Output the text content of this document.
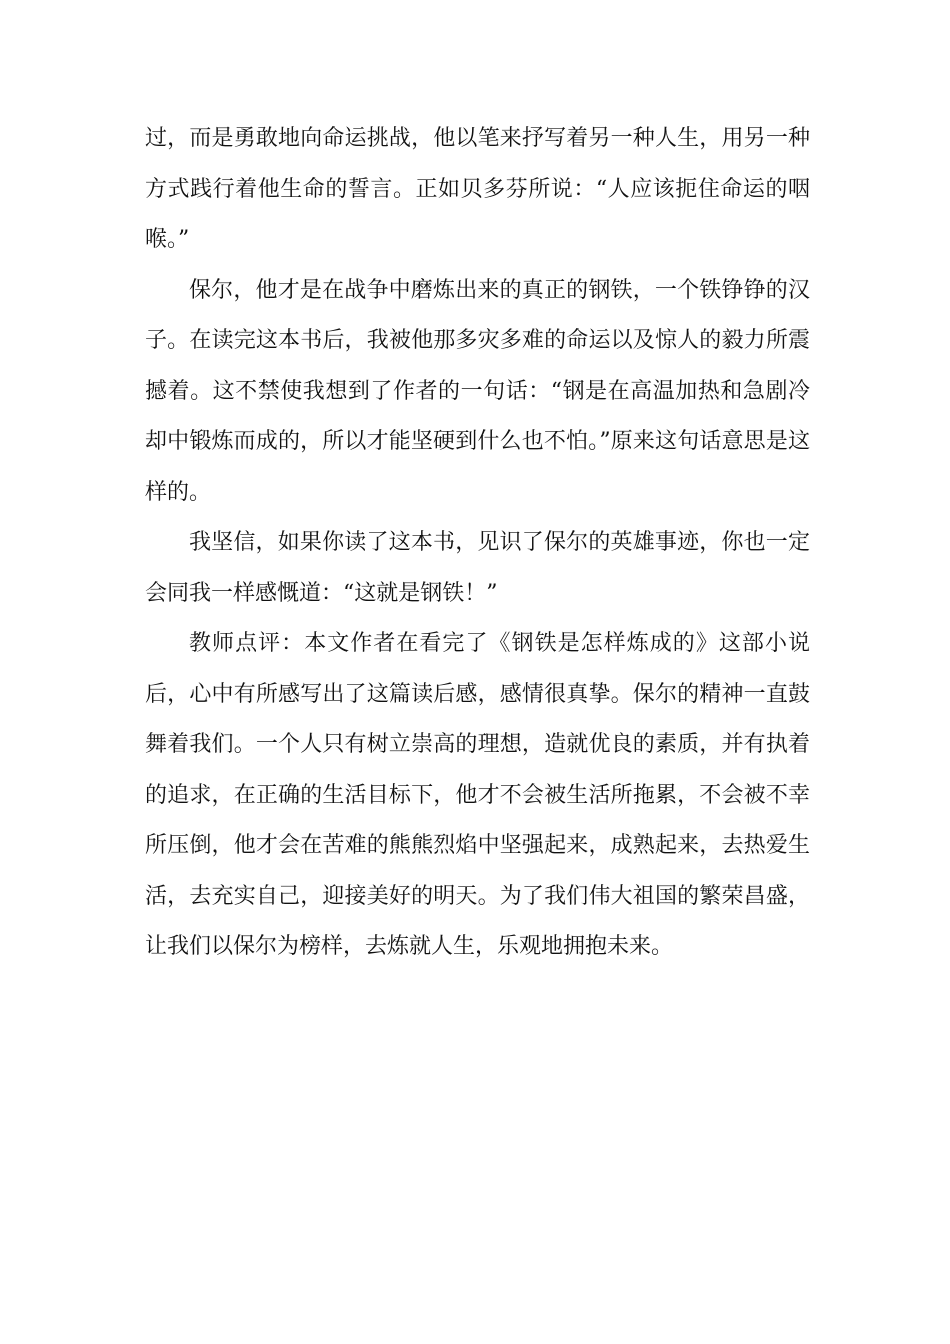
过，而是勇敢地向命运挑战，他以笔来抒写着另一种人生，用另一种方式践行着他生命的誓言。正如贝多芬所说：“人应该扼住命运的咽喉。”

保尔，他才是在战争中磨炼出来的真正的钢铁，一个铁铮铮的汉子。在读完这本书后，我被他那多灾多难的命运以及惊人的毅力所震撼着。这不禁使我想到了作者的一句话：“钢是在高温加热和急剧冷却中锻炼而成的，所以才能坚硬到什么也不怕。”原来这句话意思是这样的。

我坚信，如果你读了这本书，见识了保尔的英雄事迹，你也一定会同我一样感慨道：“这就是钢铁！”

教师点评：本文作者在看完了《钢铁是怎样炼成的》这部小说后，心中有所感写出了这篇读后感，感情很真挚。保尔的精神一直鼓舞着我们。一个人只有树立崇高的理想，造就优良的素质，并有执着的追求，在正确的生活目标下，他才不会被生活所拖累，不会被不幸所压倒，他才会在苦难的熊熊烈焰中坚强起来，成熟起来，去热爱生活，去充实自己，迎接美好的明天。为了我们伟大祖国的繁荣昌盛，让我们以保尔为榜样，去炼就人生，乐观地拥抱未来。
